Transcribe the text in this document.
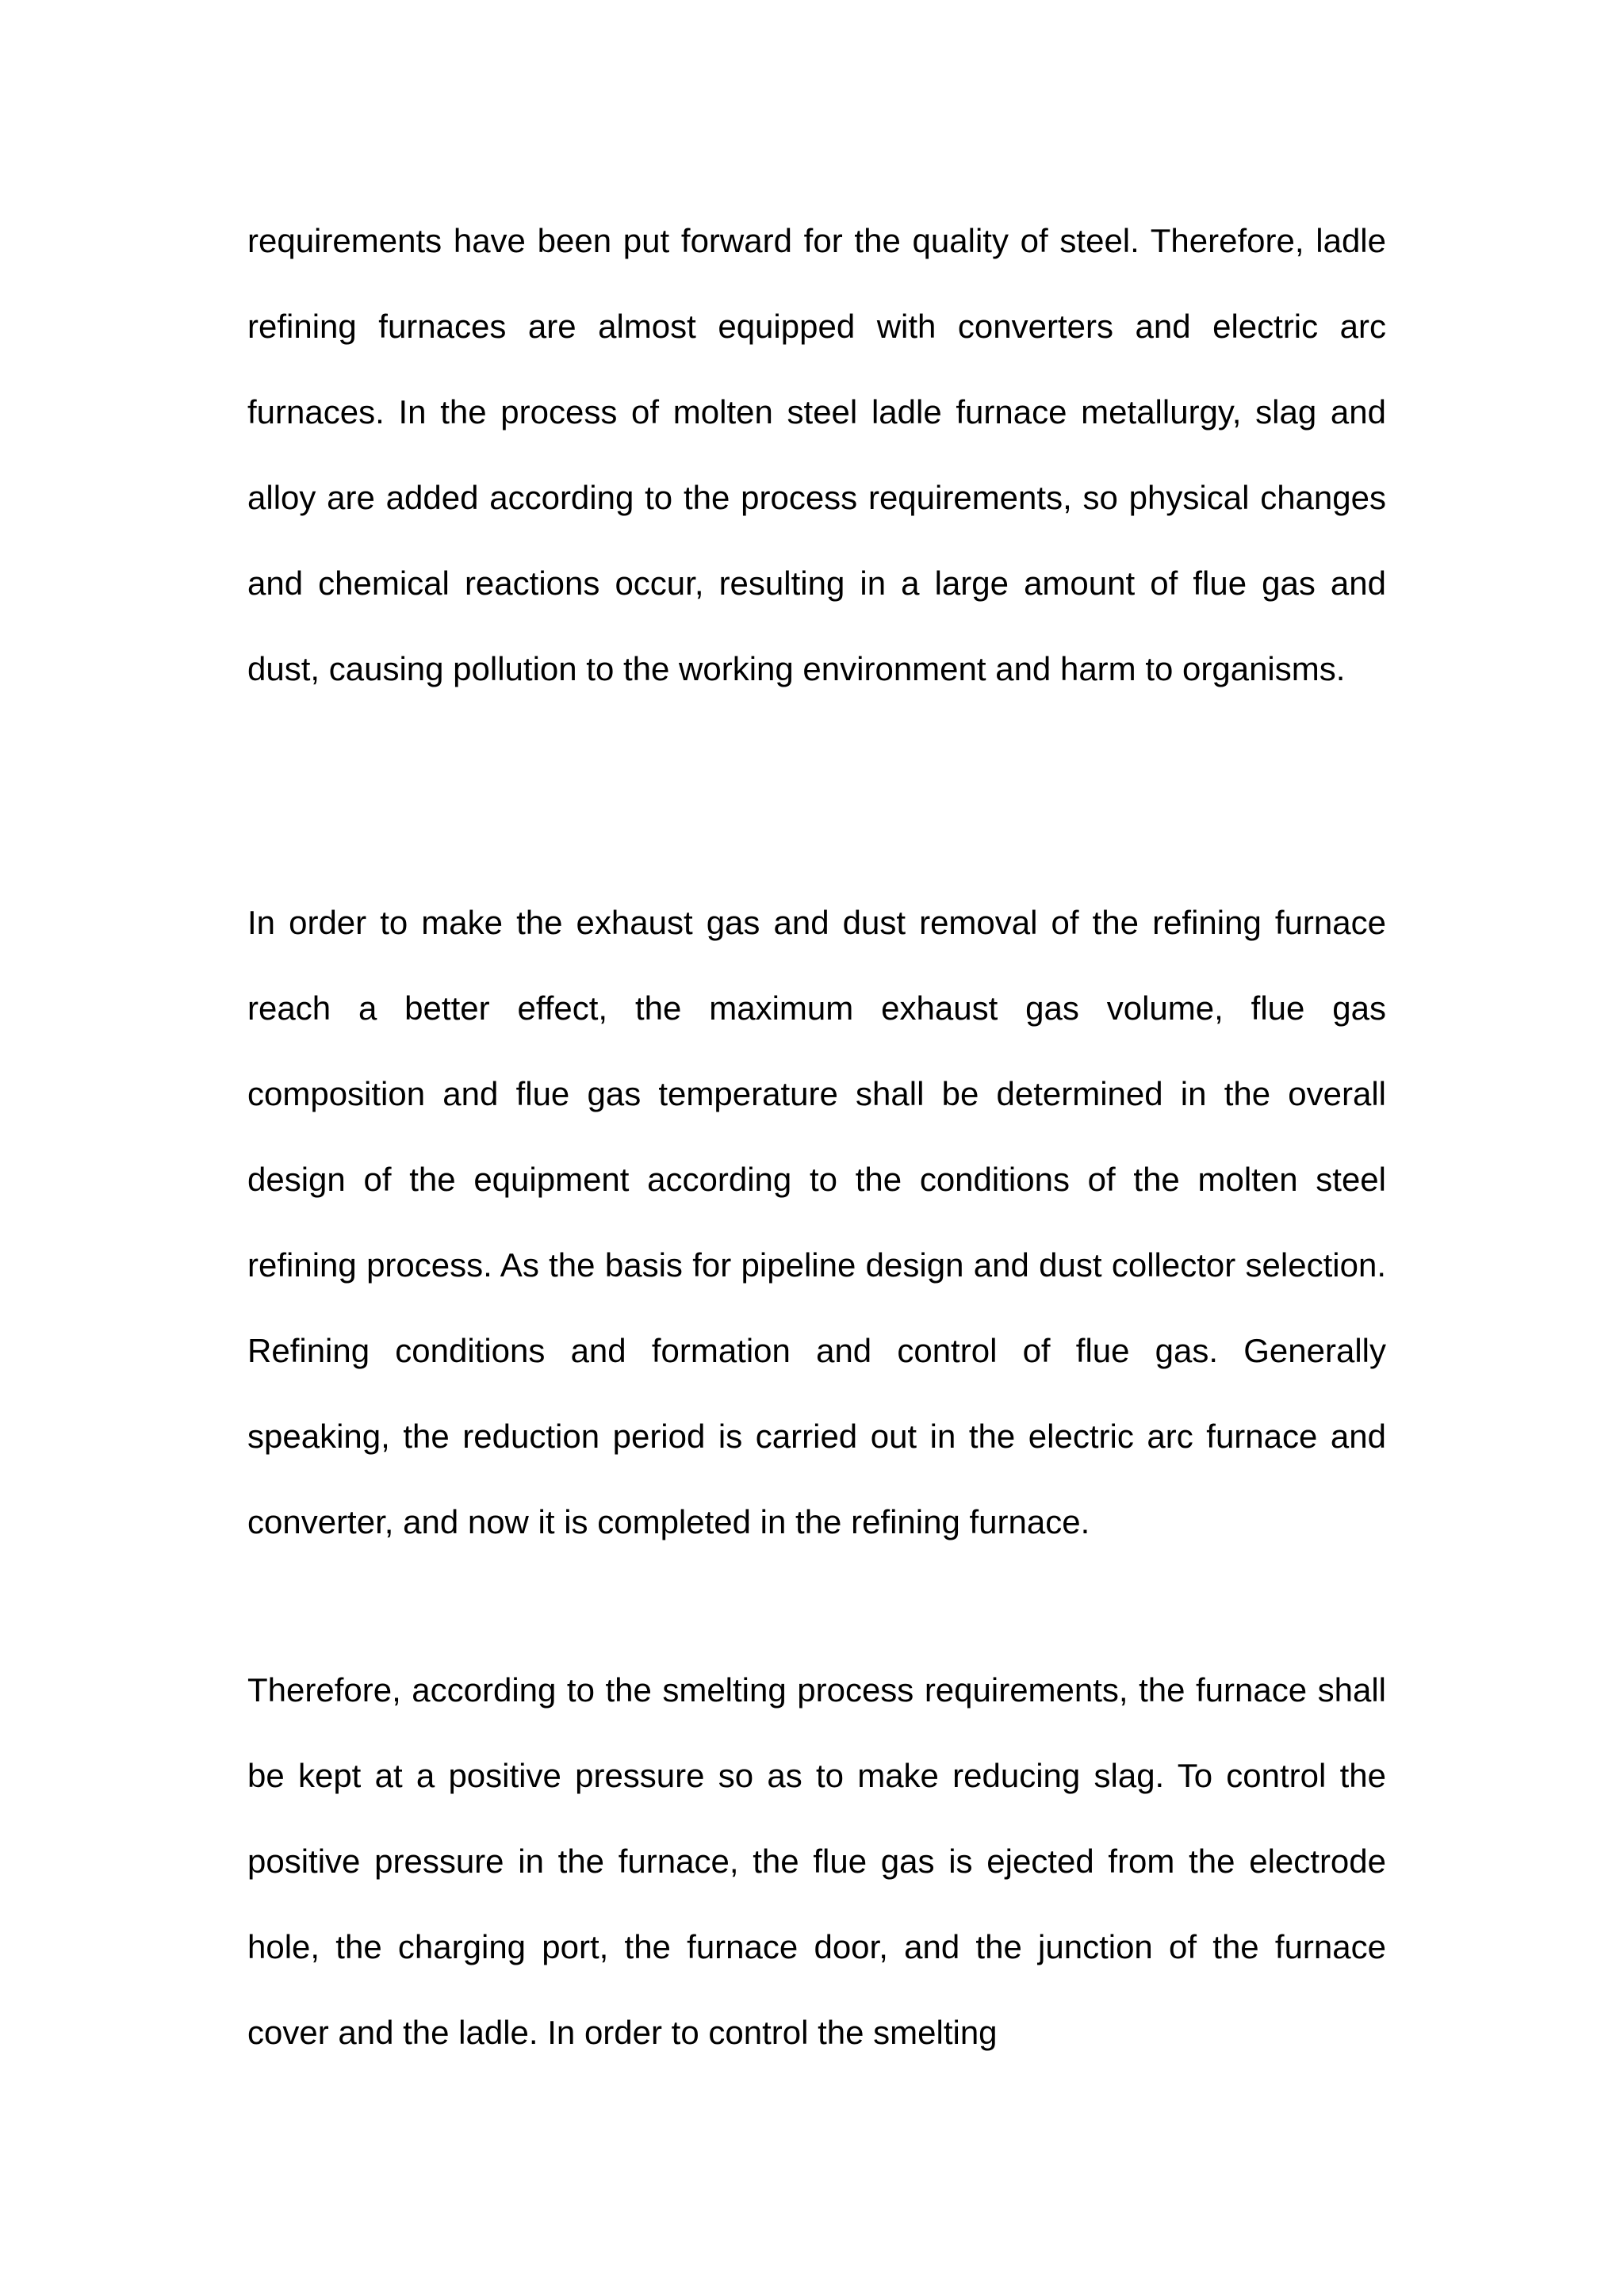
requirements have been put forward for the quality of steel. Therefore, ladle refining furnaces are almost equipped with converters and electric arc furnaces. In the process of molten steel ladle furnace metallurgy, slag and alloy are added according to the process requirements, so physical changes and chemical reactions occur, resulting in a large amount of flue gas and dust, causing pollution to the working environment and harm to organisms.

In order to make the exhaust gas and dust removal of the refining furnace reach a better effect, the maximum exhaust gas volume, flue gas composition and flue gas temperature shall be determined in the overall design of the equipment according to the conditions of the molten steel refining process. As the basis for pipeline design and dust collector selection. Refining conditions and formation and control of flue gas. Generally speaking, the reduction period is carried out in the electric arc furnace and converter, and now it is completed in the refining furnace.

Therefore, according to the smelting process requirements, the furnace shall be kept at a positive pressure so as to make reducing slag. To control the positive pressure in the furnace, the flue gas is ejected from the electrode hole, the charging port, the furnace door, and the junction of the furnace cover and the ladle. In order to control the smelting
